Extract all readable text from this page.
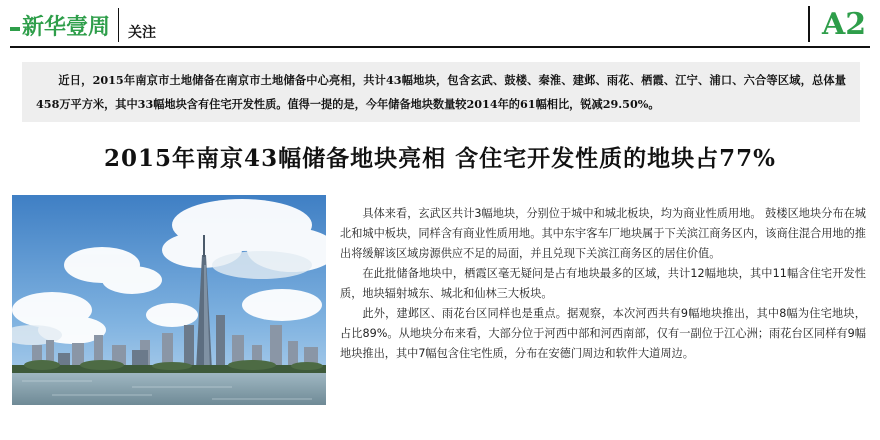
新华壹周 关注	A2
近日，2015年南京市土地储备在南京市土地储备中心亮相，共计43幅地块，包含玄武、鼓楼、秦淮、建邺、雨花、栖霞、江宁、浦口、六合等区域，总体量458万平方米，其中33幅地块含有住宅开发性质。值得一提的是，今年储备地块数量较2014年的61幅相比，锐减29.50%。
2015年南京43幅储备地块亮相 含住宅开发性质的地块占77%

具体来看，玄武区共计3幅地块，分别位于城中和城北板块，均为商业性质用地。 鼓楼区地块分布在城北和城中板块，同样含有商业性质用地。其中东宇客车厂地块属于下关滨江商务区内，该商住混合用地的推出将缓解该区域房源供应不足的局面，并且兑现下关滨江商务区的居住价值。

在此批储备地块中，栖霞区毫无疑问是占有地块最多的区域，共计12幅地块，其中11幅含住宅开发性质，地块辐射城东、城北和仙林三大板块。

此外，建邺区、雨花台区同样也是重点。据观察，本次河西共有9幅地块推出，其中8幅为住宅地块，占比89%。从地块分布来看，大部分位于河西中部和河西南部，仅有一副位于江心洲；雨花台区同样有9幅地块推出，其中7幅包含住宅性质，分布在安德门周边和软件大道周边。
